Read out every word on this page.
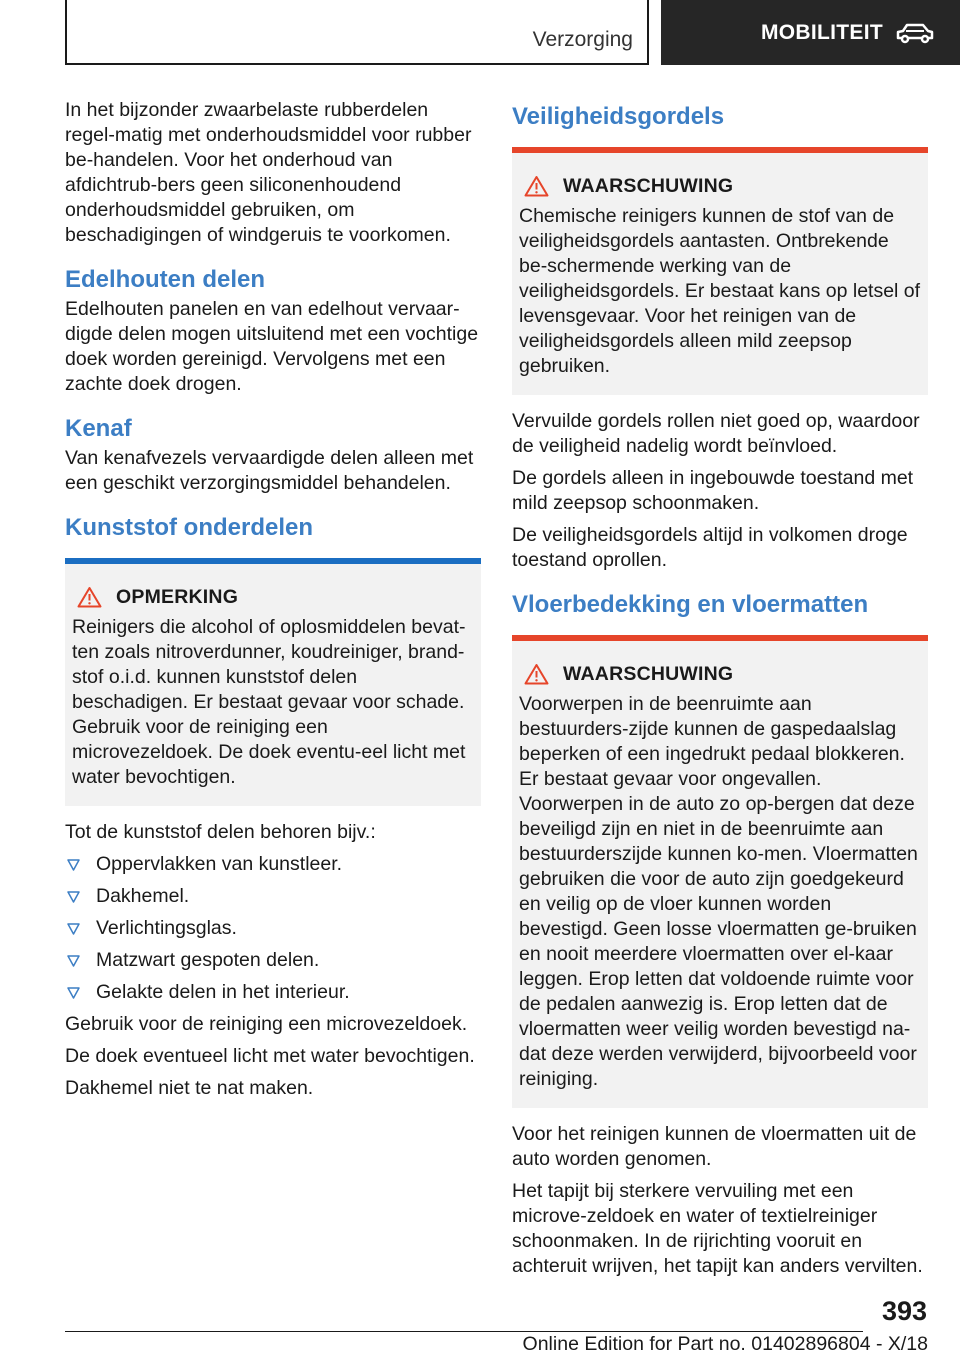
Verzorging	MOBILITEIT

In het bijzonder zwaarbelaste rubberdelen regel-matig met onderhoudsmiddel voor rubber be-handelen. Voor het onderhoud van afdichtrub-bers geen siliconenhoudend onderhoudsmiddel gebruiken, om beschadigingen of windgeruis te voorkomen.

Edelhouten delen

Edelhouten panelen en van edelhout vervaar-digde delen mogen uitsluitend met een vochtige doek worden gereinigd. Vervolgens met een zachte doek drogen.

Kenaf

Van kenafvezels vervaardigde delen alleen met een geschikt verzorgingsmiddel behandelen.

Kunststof onderdelen
OPMERKING

Reinigers die alcohol of oplosmiddelen bevat-ten zoals nitroverdunner, koudreiniger, brand-stof o.i.d. kunnen kunststof delen beschadigen. Er bestaat gevaar voor schade. Gebruik voor de reiniging een microvezeldoek. De doek eventu-eel licht met water bevochtigen.

Tot de kunststof delen behoren bijv.:

Oppervlakken van kunstleer.
Dakhemel.
Verlichtingsglas.
Matzwart gespoten delen.
Gelakte delen in het interieur.

Gebruik voor de reiniging een microvezeldoek.

De doek eventueel licht met water bevochtigen.

Dakhemel niet te nat maken.

Veiligheidsgordels
WAARSCHUWING

Chemische reinigers kunnen de stof van de veiligheidsgordels aantasten. Ontbrekende be-schermende werking van de veiligheidsgordels. Er bestaat kans op letsel of levensgevaar. Voor het reinigen van de veiligheidsgordels alleen mild zeepsop gebruiken.

Vervuilde gordels rollen niet goed op, waardoor de veiligheid nadelig wordt beïnvloed.

De gordels alleen in ingebouwde toestand met mild zeepsop schoonmaken.

De veiligheidsgordels altijd in volkomen droge toestand oprollen.

Vloerbedekking en vloermatten
WAARSCHUWING

Voorwerpen in de beenruimte aan bestuurders-zijde kunnen de gaspedaalslag beperken of een ingedrukt pedaal blokkeren. Er bestaat gevaar voor ongevallen. Voorwerpen in de auto zo op-bergen dat deze beveiligd zijn en niet in de beenruimte aan bestuurderszijde kunnen ko-men. Vloermatten gebruiken die voor de auto zijn goedgekeurd en veilig op de vloer kunnen worden bevestigd. Geen losse vloermatten ge-bruiken en nooit meerdere vloermatten over el-kaar leggen. Erop letten dat voldoende ruimte voor de pedalen aanwezig is. Erop letten dat de vloermatten weer veilig worden bevestigd na-dat deze werden verwijderd, bijvoorbeeld voor reiniging.

Voor het reinigen kunnen de vloermatten uit de auto worden genomen.

Het tapijt bij sterkere vervuiling met een microve-zeldoek en water of textielreiniger schoonmaken. In de rijrichting vooruit en achteruit wrijven, het tapijt kan anders vervilten.

393
Online Edition for Part no. 01402896804 - X/18
